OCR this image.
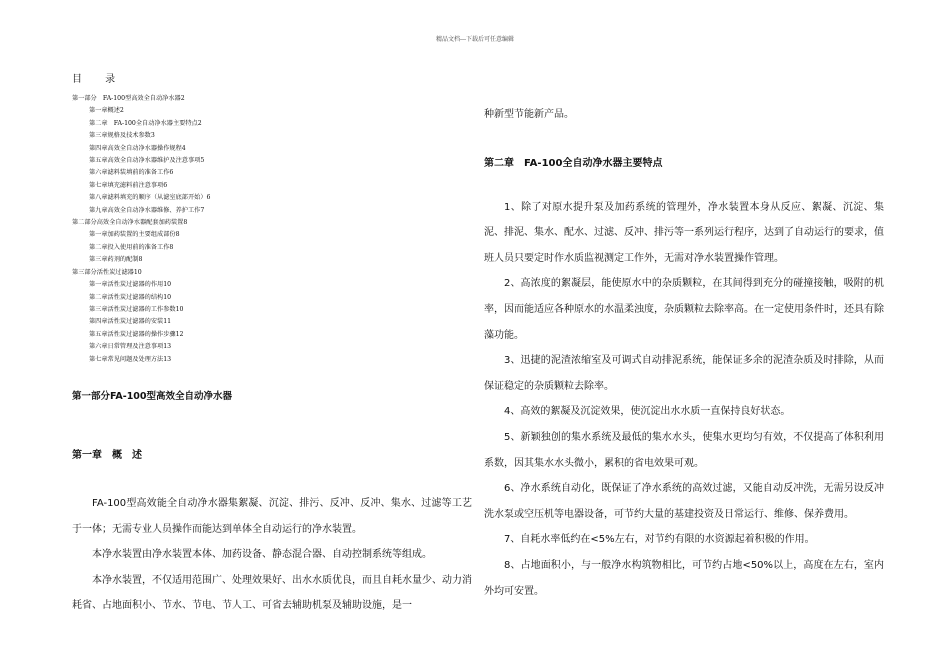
精品文档---下载后可任意编辑
目 录
第一部分　FA-100型高效全自动净水器2
第一章概述2
第二章　FA-100全自动净水器主要特点2
第三章规格及技术参数3
第四章高效全自动净水器操作规程4
第五章高效全自动净水器维护及注意事项5
第六章滤料装填前的准备工作6
第七章填充滤料前注意事项6
第八章滤料填充的顺序（从滤室底部开始）6
第九章高效全自动净水器维修、养护工作7
第二部分高效全自动净水器配套加药装置8
第一章加药装置的主要组成部份8
第二章投入使用前的准备工作8
第三章药剂的配制8
第三部分活性炭过滤器10
第一章活性炭过滤器的作用10
第二章活性炭过滤器的结构10
第三章活性炭过滤器的工作参数10
第四章活性炭过滤器的安装11
第五章活性炭过滤器的操作步骤12
第六章日常管理及注意事项13
第七章常见问题及处理方法13
第一部分FA-100型高效全自动净水器
第一章　概　述

FA-100型高效能全自动净水器集絮凝、沉淀、排污、反冲、反冲、集水、过滤等工艺于一体；无需专业人员操作而能达到单体全自动运行的净水装置。

本净水装置由净水装置本体、加药设备、静态混合器、自动控制系统等组成。

本净水装置，不仅适用范围广、处理效果好、出水水质优良，而且自耗水量少、动力消耗省、占地面积小、节水、节电、节人工、可省去辅助机泵及辅助设施，是一

种新型节能新产品。

第二章　FA-100全自动净水器主要特点

1、除了对原水提升泵及加药系统的管理外，净水装置本身从反应、絮凝、沉淀、集泥、排泥、集水、配水、过滤、反冲、排污等一系列运行程序，达到了自动运行的要求，值班人员只要定时作水质监视测定工作外，无需对净水装置操作管理。

2、高浓度的絮凝层，能使原水中的杂质颗粒，在其间得到充分的碰撞接触，吸附的机率，因而能适应各种原水的水温柔浊度，杂质颗粒去除率高。在一定使用条件时，还具有除藻功能。

3、迅捷的泥渣浓缩室及可调式自动排泥系统，能保证多余的泥渣杂质及时排除，从而保证稳定的杂质颗粒去除率。

4、高效的絮凝及沉淀效果，使沉淀出水水质一直保持良好状态。

5、新颖独创的集水系统及最低的集水水头，使集水更均匀有效，不仅提高了体积利用系数，因其集水水头微小，累积的省电效果可观。

6、净水系统自动化，既保证了净水系统的高效过滤，又能自动反冲洗，无需另设反冲洗水泵或空压机等电器设备，可节约大量的基建投资及日常运行、维修、保养费用。

7、自耗水率低约在<5%左右，对节约有限的水资源起着积极的作用。

8、占地面积小，与一般净水构筑物相比，可节约占地<50%以上，高度在左右，室内外均可安置。
